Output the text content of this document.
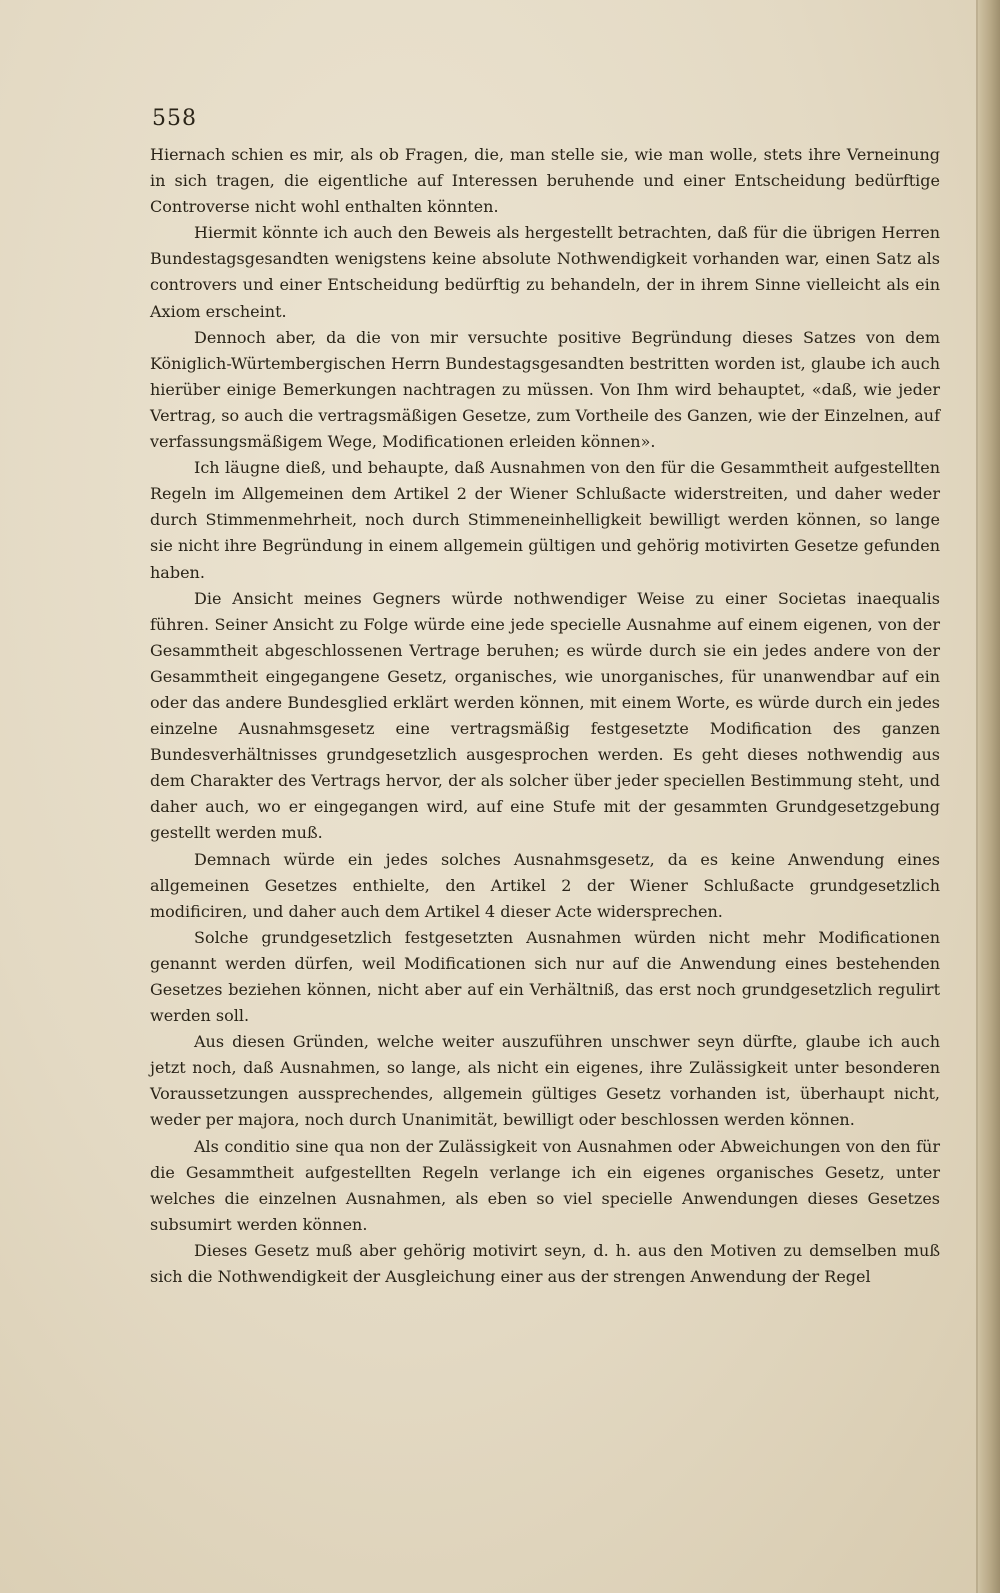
558

Hiernach schien es mir, als ob Fragen, die, man stelle sie, wie man wolle, stets ihre Verneinung in sich tragen, die eigentliche auf Interessen beruhende und einer Entscheidung bedürftige Controverse nicht wohl enthalten könnten.

Hiermit könnte ich auch den Beweis als hergestellt betrachten, daß für die übrigen Herren Bundestagsgesandten wenigstens keine absolute Nothwendigkeit vorhanden war, einen Satz als controvers und einer Entscheidung bedürftig zu behandeln, der in ihrem Sinne vielleicht als ein Axiom erscheint.

Dennoch aber, da die von mir versuchte positive Begründung dieses Satzes von dem Königlich-Würtembergischen Herrn Bundestagsgesandten bestritten worden ist, glaube ich auch hierüber einige Bemerkungen nachtragen zu müssen. Von Ihm wird behauptet, «daß, wie jeder Vertrag, so auch die vertragsmäßigen Gesetze, zum Vortheile des Ganzen, wie der Einzelnen, auf verfassungsmäßigem Wege, Modificationen erleiden können».

Ich läugne dieß, und behaupte, daß Ausnahmen von den für die Gesammtheit aufgestellten Regeln im Allgemeinen dem Artikel 2 der Wiener Schlußacte widerstreiten, und daher weder durch Stimmenmehrheit, noch durch Stimmeneinhelligkeit bewilligt werden können, so lange sie nicht ihre Begründung in einem allgemein gültigen und gehörig motivirten Gesetze gefunden haben.

Die Ansicht meines Gegners würde nothwendiger Weise zu einer Societas inaequalis führen. Seiner Ansicht zu Folge würde eine jede specielle Ausnahme auf einem eigenen, von der Gesammtheit abgeschlossenen Vertrage beruhen; es würde durch sie ein jedes andere von der Gesammtheit eingegangene Gesetz, organisches, wie unorganisches, für unanwendbar auf ein oder das andere Bundesglied erklärt werden können, mit einem Worte, es würde durch ein jedes einzelne Ausnahmsgesetz eine vertragsmäßig festgesetzte Modification des ganzen Bundesverhältnisses grundgesetzlich ausgesprochen werden. Es geht dieses nothwendig aus dem Charakter des Vertrags hervor, der als solcher über jeder speciellen Bestimmung steht, und daher auch, wo er eingegangen wird, auf eine Stufe mit der gesammten Grundgesetzgebung gestellt werden muß.

Demnach würde ein jedes solches Ausnahmsgesetz, da es keine Anwendung eines allgemeinen Gesetzes enthielte, den Artikel 2 der Wiener Schlußacte grundgesetzlich modificiren, und daher auch dem Artikel 4 dieser Acte widersprechen.

Solche grundgesetzlich festgesetzten Ausnahmen würden nicht mehr Modificationen genannt werden dürfen, weil Modificationen sich nur auf die Anwendung eines bestehenden Gesetzes beziehen können, nicht aber auf ein Verhältniß, das erst noch grundgesetzlich regulirt werden soll.

Aus diesen Gründen, welche weiter auszuführen unschwer seyn dürfte, glaube ich auch jetzt noch, daß Ausnahmen, so lange, als nicht ein eigenes, ihre Zulässigkeit unter besonderen Voraussetzungen aussprechendes, allgemein gültiges Gesetz vorhanden ist, überhaupt nicht, weder per majora, noch durch Unanimität, bewilligt oder beschlossen werden können.

Als conditio sine qua non der Zulässigkeit von Ausnahmen oder Abweichungen von den für die Gesammtheit aufgestellten Regeln verlange ich ein eigenes organisches Gesetz, unter welches die einzelnen Ausnahmen, als eben so viel specielle Anwendungen dieses Gesetzes subsumirt werden können.

Dieses Gesetz muß aber gehörig motivirt seyn, d. h. aus den Motiven zu demselben muß sich die Nothwendigkeit der Ausgleichung einer aus der strengen Anwendung der Regel
